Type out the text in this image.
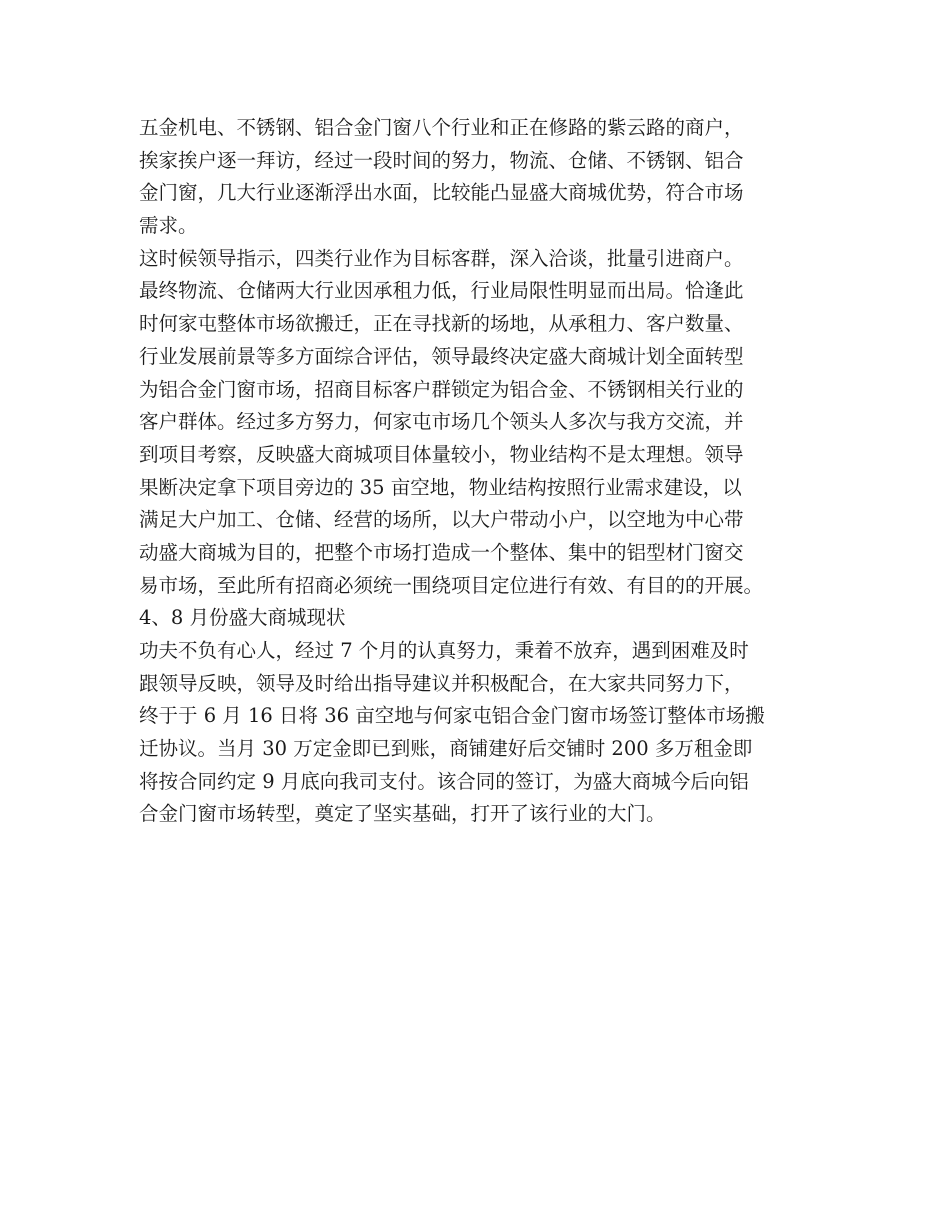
五金机电、不锈钢、铝合金门窗八个行业和正在修路的紫云路的商户，
挨家挨户逐一拜访，经过一段时间的努力，物流、仓储、不锈钢、铝合
金门窗，几大行业逐渐浮出水面，比较能凸显盛大商城优势，符合市场
需求。
这时候领导指示，四类行业作为目标客群，深入洽谈，批量引进商户。
最终物流、仓储两大行业因承租力低，行业局限性明显而出局。恰逢此
时何家屯整体市场欲搬迁，正在寻找新的场地，从承租力、客户数量、
行业发展前景等多方面综合评估，领导最终决定盛大商城计划全面转型
为铝合金门窗市场，招商目标客户群锁定为铝合金、不锈钢相关行业的
客户群体。经过多方努力，何家屯市场几个领头人多次与我方交流，并
到项目考察，反映盛大商城项目体量较小，物业结构不是太理想。领导
果断决定拿下项目旁边的 35 亩空地，物业结构按照行业需求建设，以
满足大户加工、仓储、经营的场所，以大户带动小户，以空地为中心带
动盛大商城为目的，把整个市场打造成一个整体、集中的铝型材门窗交
易市场，至此所有招商必须统一围绕项目定位进行有效、有目的的开展。
4、8 月份盛大商城现状
功夫不负有心人，经过 7 个月的认真努力，秉着不放弃，遇到困难及时
跟领导反映，领导及时给出指导建议并积极配合，在大家共同努力下，
终于于 6 月 16 日将 36 亩空地与何家屯铝合金门窗市场签订整体市场搬
迁协议。当月 30 万定金即已到账，商铺建好后交铺时 200 多万租金即
将按合同约定 9 月底向我司支付。该合同的签订，为盛大商城今后向铝
合金门窗市场转型，奠定了坚实基础，打开了该行业的大门。
